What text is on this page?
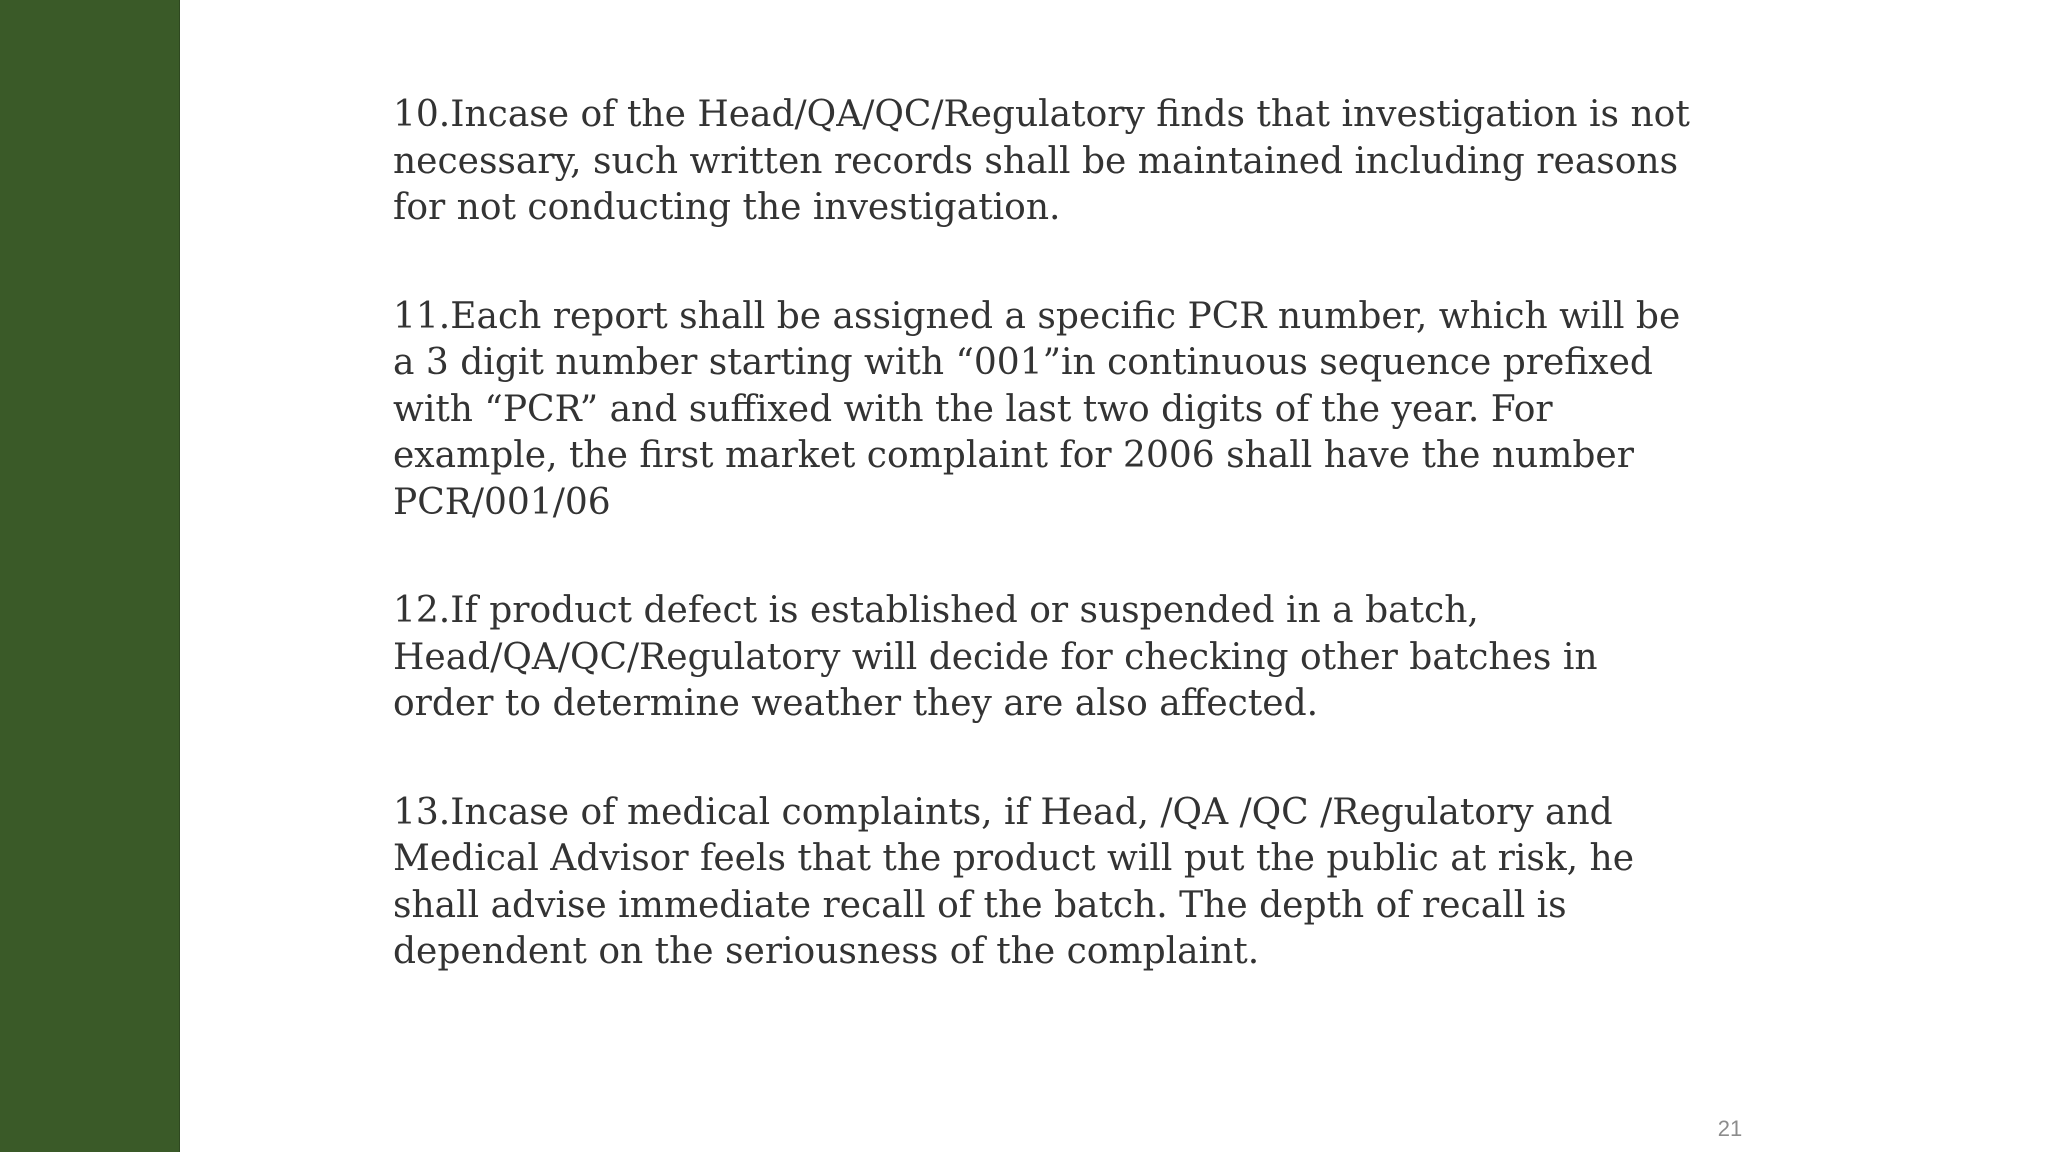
10.Incase of the Head/QA/QC/Regulatory finds that investigation is not necessary, such written records shall be maintained including reasons for not conducting the investigation.

11.Each report shall be assigned a specific PCR number, which will be a 3 digit number starting with “001”in continuous sequence prefixed with “PCR” and suffixed with the last two digits of the year. For example, the first market complaint for 2006 shall have the number PCR/001/06

12.If product defect is established or suspended in a batch, Head/QA/QC/Regulatory will decide for checking other batches in order to determine weather they are also affected.

13.Incase of medical complaints, if Head, /QA /QC /Regulatory and Medical Advisor feels that the product will put the public at risk, he shall advise immediate recall of the batch. The depth of recall is dependent on the seriousness of the complaint.

21
